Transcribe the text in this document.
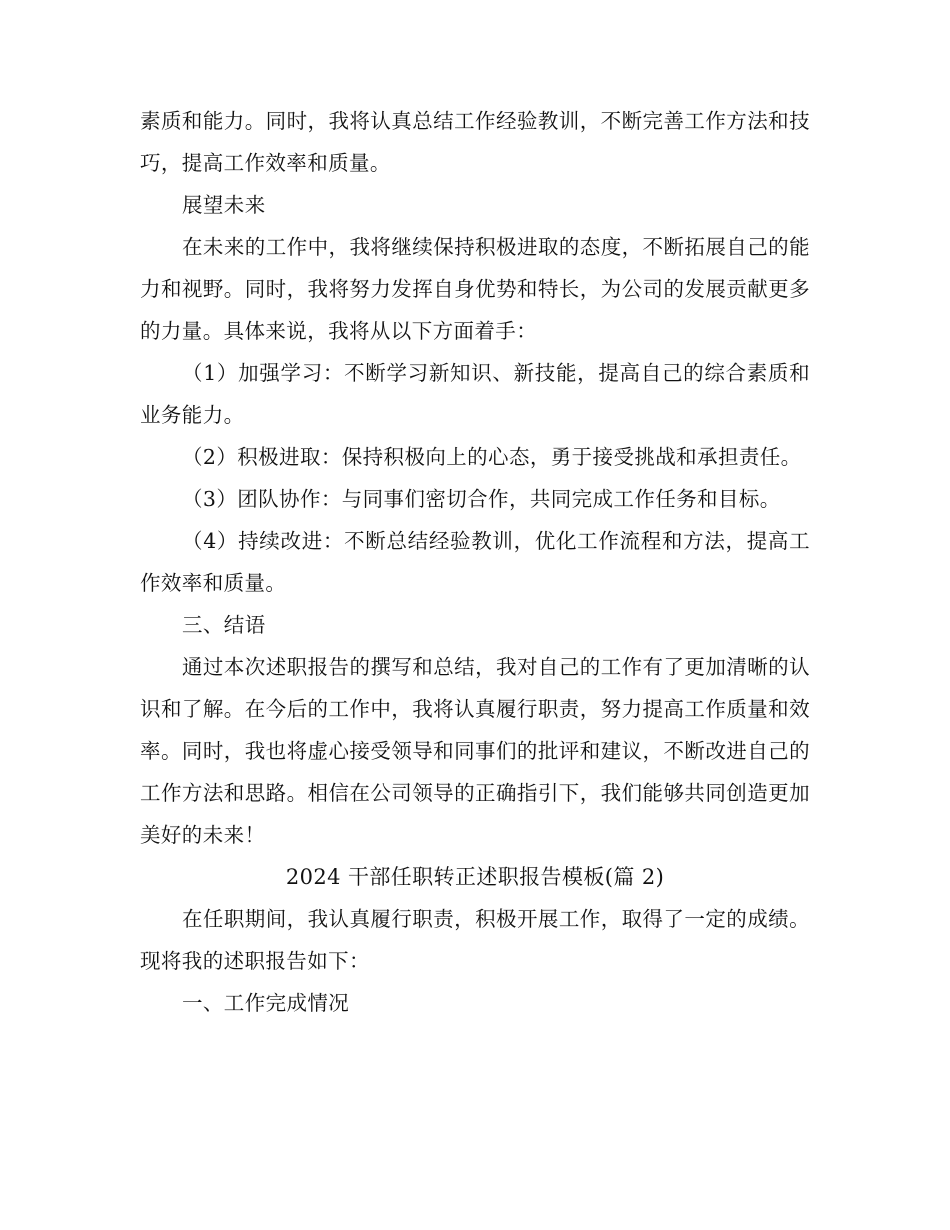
素质和能力。同时，我将认真总结工作经验教训，不断完善工作方法和技巧，提高工作效率和质量。

展望未来

在未来的工作中，我将继续保持积极进取的态度，不断拓展自己的能力和视野。同时，我将努力发挥自身优势和特长，为公司的发展贡献更多的力量。具体来说，我将从以下方面着手：

（1）加强学习：不断学习新知识、新技能，提高自己的综合素质和业务能力。

（2）积极进取：保持积极向上的心态，勇于接受挑战和承担责任。

（3）团队协作：与同事们密切合作，共同完成工作任务和目标。

（4）持续改进：不断总结经验教训，优化工作流程和方法，提高工作效率和质量。

三、结语

通过本次述职报告的撰写和总结，我对自己的工作有了更加清晰的认识和了解。在今后的工作中，我将认真履行职责，努力提高工作质量和效率。同时，我也将虚心接受领导和同事们的批评和建议，不断改进自己的工作方法和思路。相信在公司领导的正确指引下，我们能够共同创造更加美好的未来！

2024 干部任职转正述职报告模板(篇 2)

在任职期间，我认真履行职责，积极开展工作，取得了一定的成绩。现将我的述职报告如下：

一、工作完成情况
